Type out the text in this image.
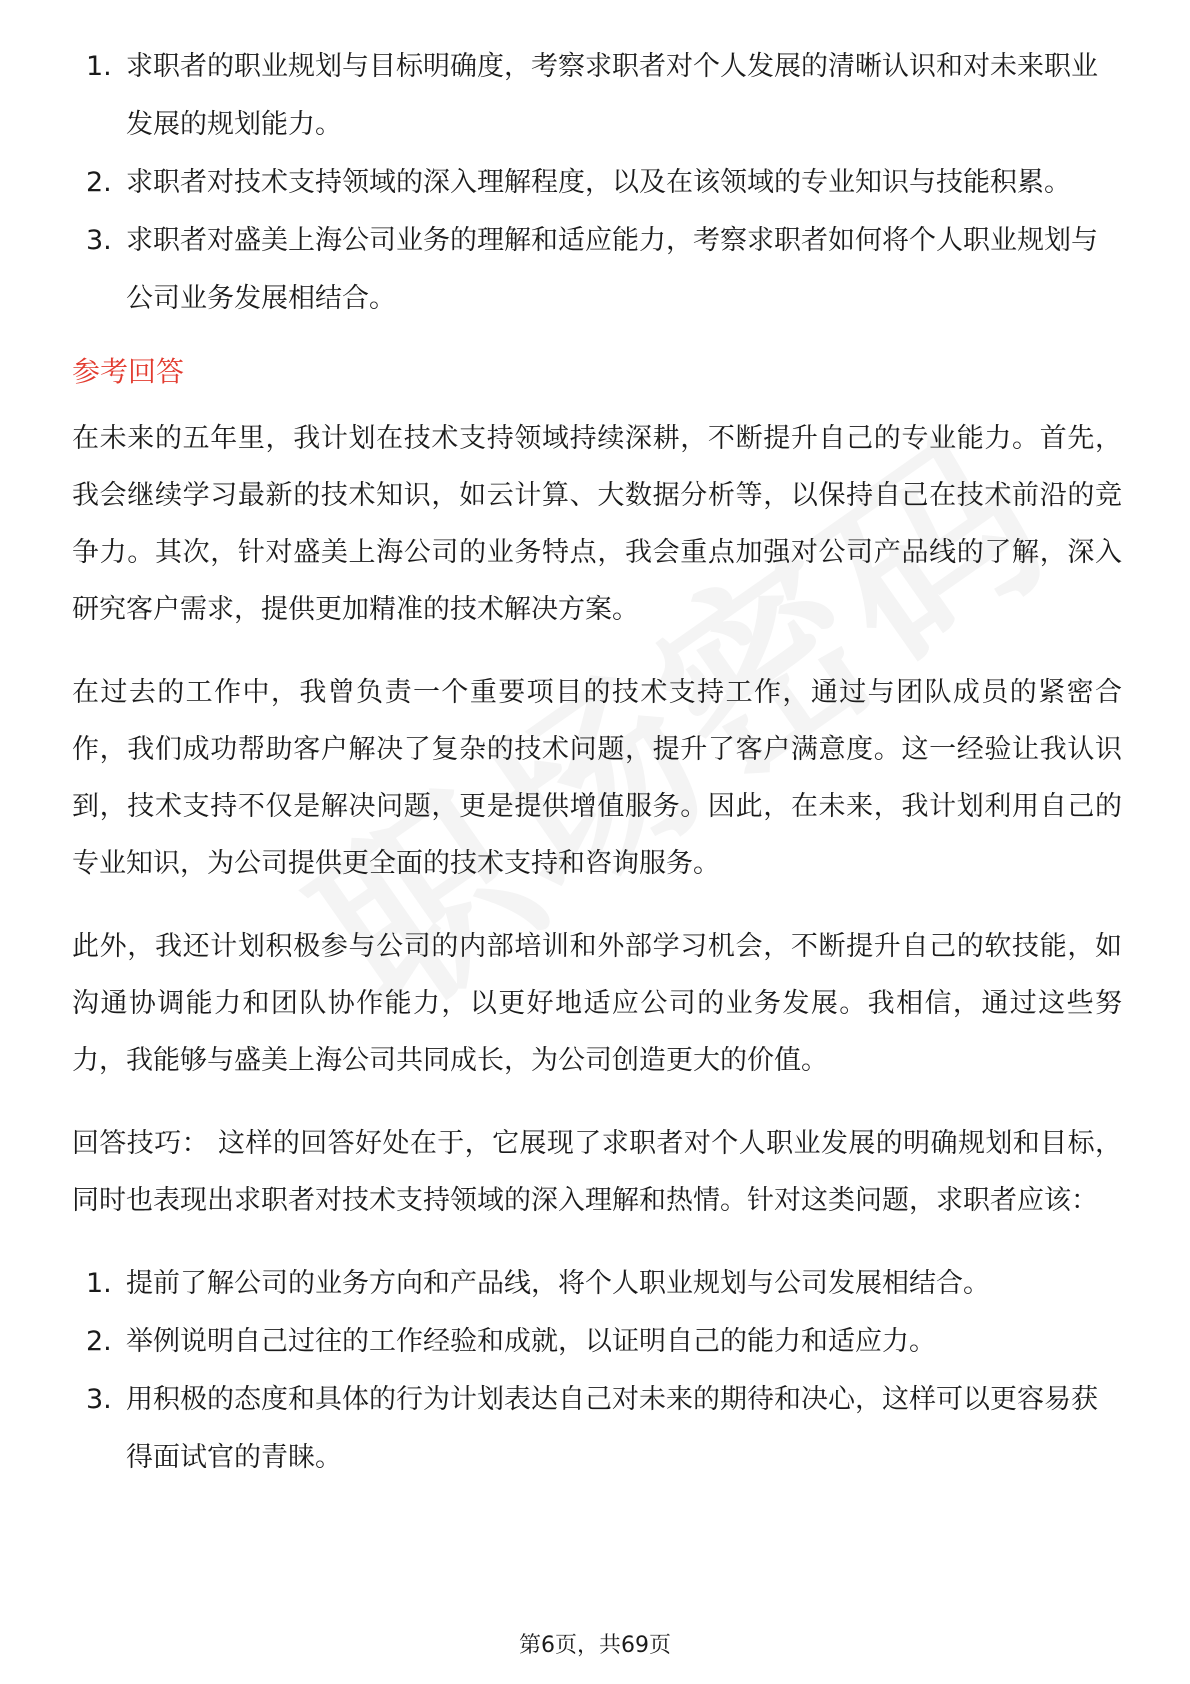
1. 求职者的职业规划与目标明确度，考察求职者对个人发展的清晰认识和对未来职业发展的规划能力。
2. 求职者对技术支持领域的深入理解程度，以及在该领域的专业知识与技能积累。
3. 求职者对盛美上海公司业务的理解和适应能力，考察求职者如何将个人职业规划与公司业务发展相结合。
参考回答

在未来的五年里，我计划在技术支持领域持续深耕，不断提升自己的专业能力。首先，我会继续学习最新的技术知识，如云计算、大数据分析等，以保持自己在技术前沿的竞争力。其次，针对盛美上海公司的业务特点，我会重点加强对公司产品线的了解，深入研究客户需求，提供更加精准的技术解决方案。

在过去的工作中，我曾负责一个重要项目的技术支持工作，通过与团队成员的紧密合作，我们成功帮助客户解决了复杂的技术问题，提升了客户满意度。这一经验让我认识到，技术支持不仅是解决问题，更是提供增值服务。因此，在未来，我计划利用自己的专业知识，为公司提供更全面的技术支持和咨询服务。

此外，我还计划积极参与公司的内部培训和外部学习机会，不断提升自己的软技能，如沟通协调能力和团队协作能力，以更好地适应公司的业务发展。我相信，通过这些努力，我能够与盛美上海公司共同成长，为公司创造更大的价值。

回答技巧： 这样的回答好处在于，它展现了求职者对个人职业发展的明确规划和目标，同时也表现出求职者对技术支持领域的深入理解和热情。针对这类问题，求职者应该：

1. 提前了解公司的业务方向和产品线，将个人职业规划与公司发展相结合。
2. 举例说明自己过往的工作经验和成就，以证明自己的能力和适应力。
3. 用积极的态度和具体的行为计划表达自己对未来的期待和决心，这样可以更容易获得面试官的青睐。
第6页，共69页
